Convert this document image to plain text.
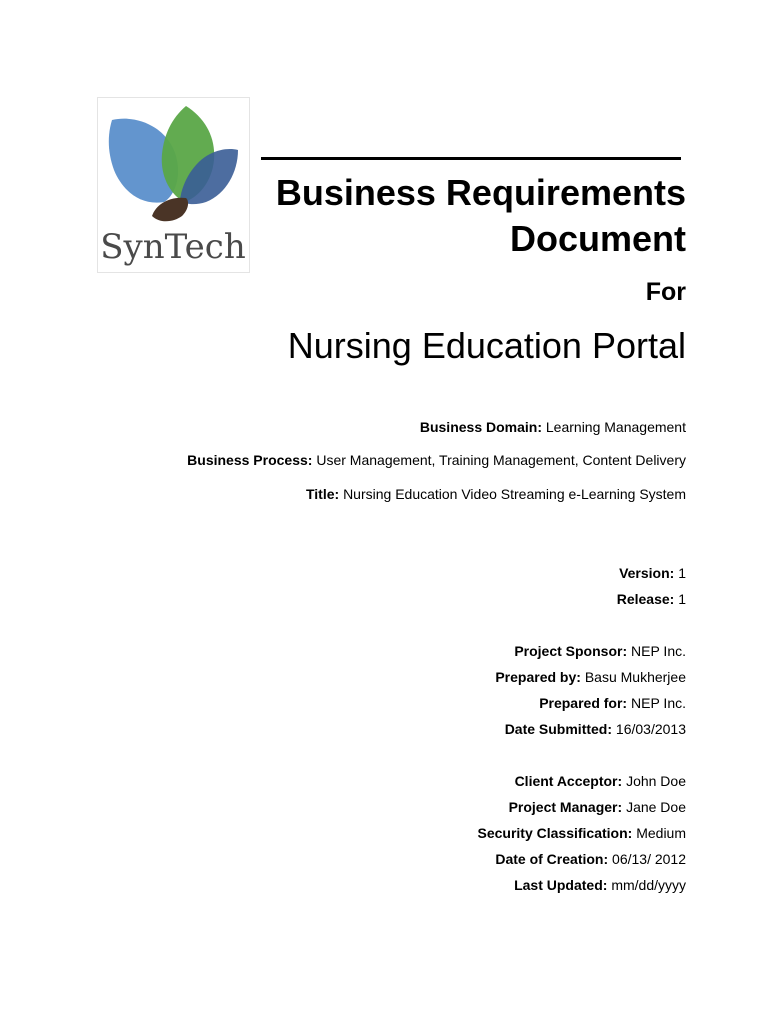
SynTech
Business Requirements
Document
For
Nursing Education Portal
Business Domain: Learning Management
Business Process: User Management, Training Management, Content Delivery
Title: Nursing Education Video Streaming e-Learning System
Version: 1
Release: 1
Project Sponsor: NEP Inc.
Prepared by: Basu Mukherjee
Prepared for: NEP Inc.
Date Submitted: 16/03/2013
Client Acceptor: John Doe
Project Manager: Jane Doe
Security Classification: Medium
Date of Creation: 06/13/ 2012
Last Updated: mm/dd/yyyy
